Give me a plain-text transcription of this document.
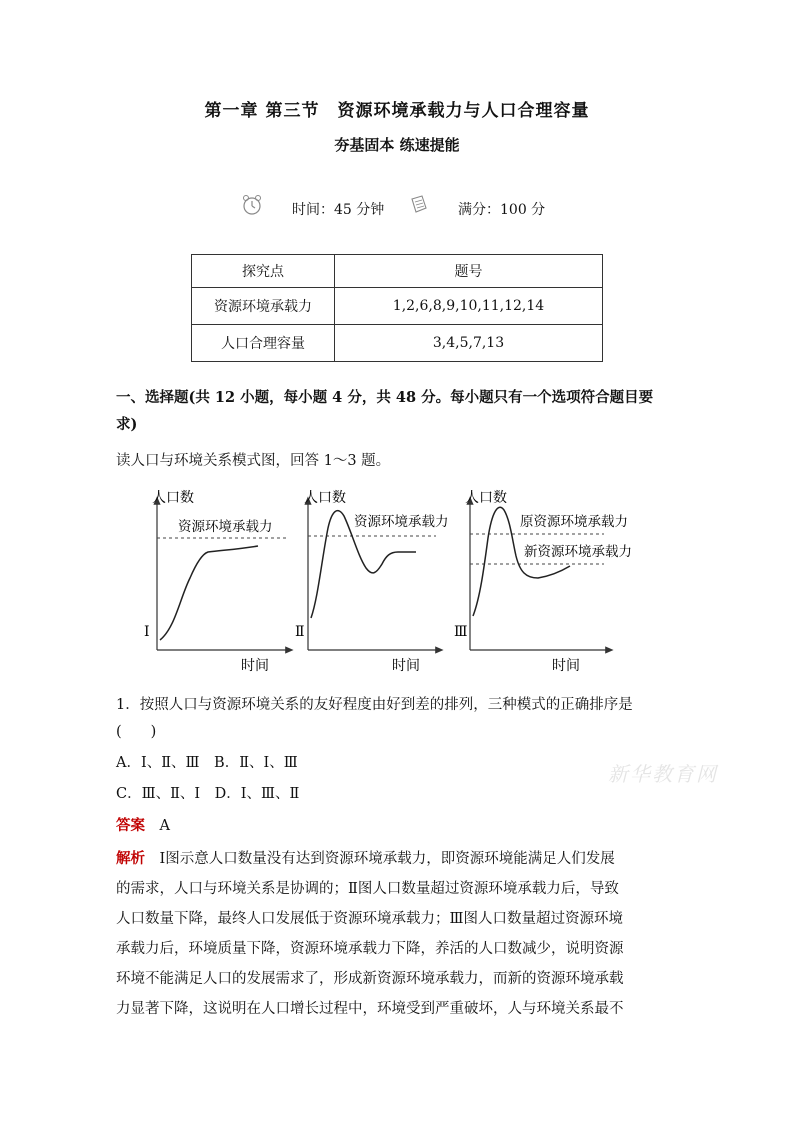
第一章 第三节　资源环境承载力与人口合理容量
夯基固本 练速提能
时间：45 分钟	满分：100 分
探究点	题号
资源环境承载力	1,2,6,8,9,10,11,12,14
人口合理容量	3,4,5,7,13
一、选择题(共 12 小题，每小题 4 分，共 48 分。每小题只有一个选项符合题目要
求)
读人口与环境关系模式图，回答 1～3 题。
人口数
时间
Ⅰ
资源环境承载力
人口数
时间
Ⅱ
资源环境承载力
人口数
时间
Ⅲ
原资源环境承载力
新资源环境承载力
1．按照人口与资源环境关系的友好程度由好到差的排列，三种模式的正确排序是
(　　)
A．Ⅰ、Ⅱ、Ⅲ　B．Ⅱ、Ⅰ、Ⅲ
C．Ⅲ、Ⅱ、Ⅰ　D．Ⅰ、Ⅲ、Ⅱ
答案　 A
解析　 Ⅰ图示意人口数量没有达到资源环境承载力，即资源环境能满足人们发展
的需求，人口与环境关系是协调的；Ⅱ图人口数量超过资源环境承载力后，导致
人口数量下降，最终人口发展低于资源环境承载力；Ⅲ图人口数量超过资源环境
承载力后，环境质量下降，资源环境承载力下降，养活的人口数减少，说明资源
环境不能满足人口的发展需求了，形成新资源环境承载力，而新的资源环境承载
力显著下降，这说明在人口增长过程中，环境受到严重破坏，人与环境关系最不
新华教育网
